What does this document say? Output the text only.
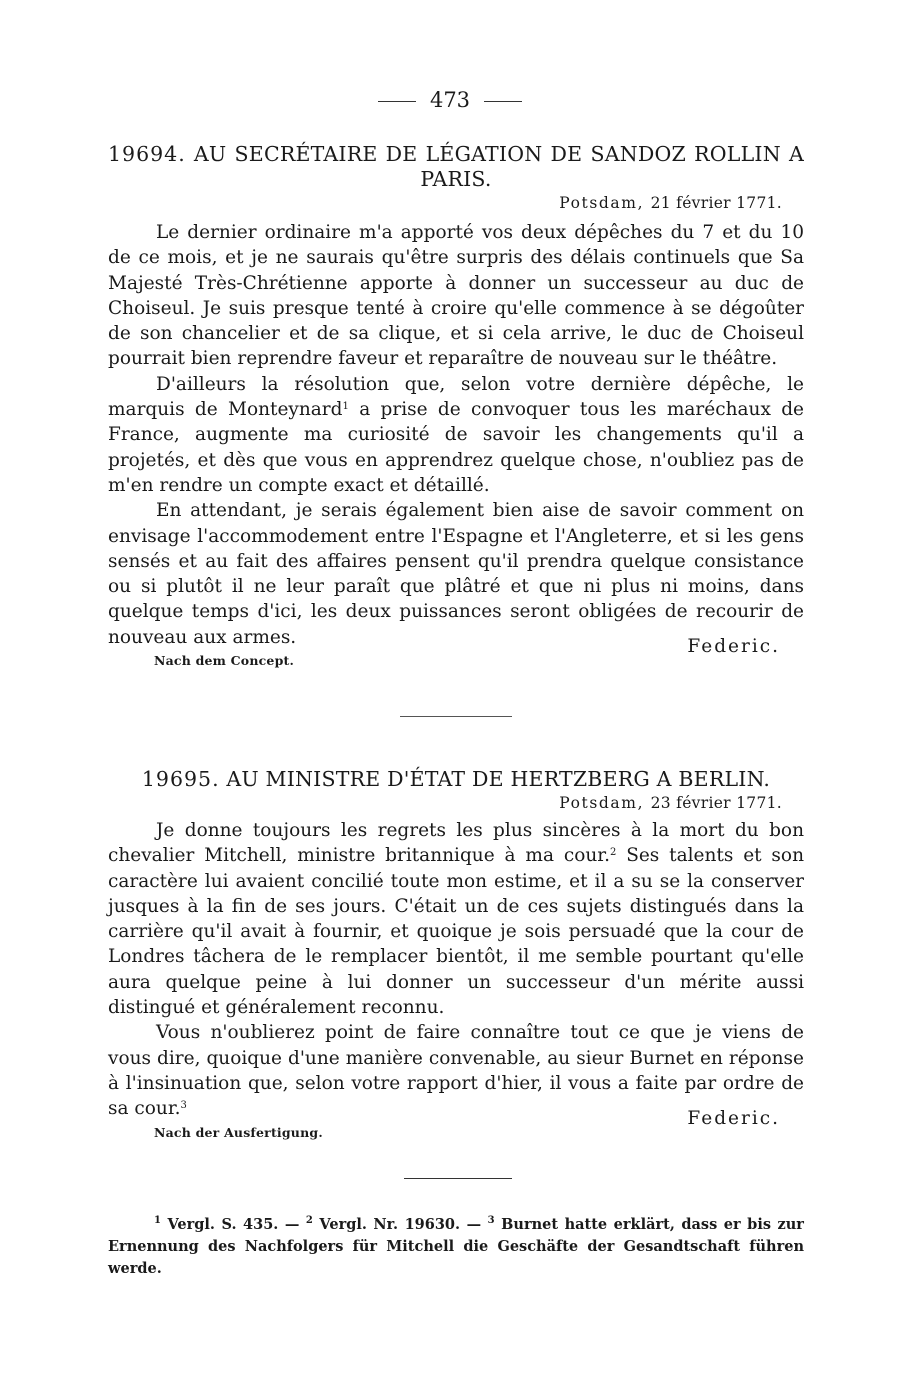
473
19694. AU SECRÉTAIRE DE LÉGATION DE SANDOZ ROLLIN A PARIS.
Potsdam, 21 février 1771.

Le dernier ordinaire m'a apporté vos deux dépêches du 7 et du 10 de ce mois, et je ne saurais qu'être surpris des délais continuels que Sa Majesté Très-Chrétienne apporte à donner un successeur au duc de Choiseul. Je suis presque tenté à croire qu'elle commence à se dégoûter de son chancelier et de sa clique, et si cela arrive, le duc de Choiseul pourrait bien reprendre faveur et reparaître de nouveau sur le théâtre.

D'ailleurs la résolution que, selon votre dernière dépêche, le marquis de Monteynard$^1$ a prise de convoquer tous les maréchaux de France, augmente ma curiosité de savoir les changements qu'il a projetés, et dès que vous en apprendrez quelque chose, n'oubliez pas de m'en rendre un compte exact et détaillé.

En attendant, je serais également bien aise de savoir comment on envisage l'accommodement entre l'Espagne et l'Angleterre, et si les gens sensés et au fait des affaires pensent qu'il prendra quelque consistance ou si plutôt il ne leur paraît que plâtré et que ni plus ni moins, dans quelque temps d'ici, les deux puissances seront obligées de recourir de nouveau aux armes.	Federic.
Nach dem Concept.
19695. AU MINISTRE D'ÉTAT DE HERTZBERG A BERLIN.
Potsdam, 23 février 1771.

Je donne toujours les regrets les plus sincères à la mort du bon chevalier Mitchell, ministre britannique à ma cour.$^2$ Ses talents et son caractère lui avaient concilié toute mon estime, et il a su se la conserver jusques à la fin de ses jours. C'était un de ces sujets distingués dans la carrière qu'il avait à fournir, et quoique je sois persuadé que la cour de Londres tâchera de le remplacer bientôt, il me semble pourtant qu'elle aura quelque peine à lui donner un successeur d'un mérite aussi distingué et généralement reconnu.

Vous n'oublierez point de faire connaître tout ce que je viens de vous dire, quoique d'une manière convenable, au sieur Burnet en réponse à l'insinuation que, selon votre rapport d'hier, il vous a faite par ordre de sa cour.$^3$

Federic.
Nach der Ausfertigung.
$^1$ Vergl. S. 435. — $^2$ Vergl. Nr. 19630. — $^3$ Burnet hatte erklärt, dass er bis zur Ernennung des Nachfolgers für Mitchell die Geschäfte der Gesandtschaft führen werde.
